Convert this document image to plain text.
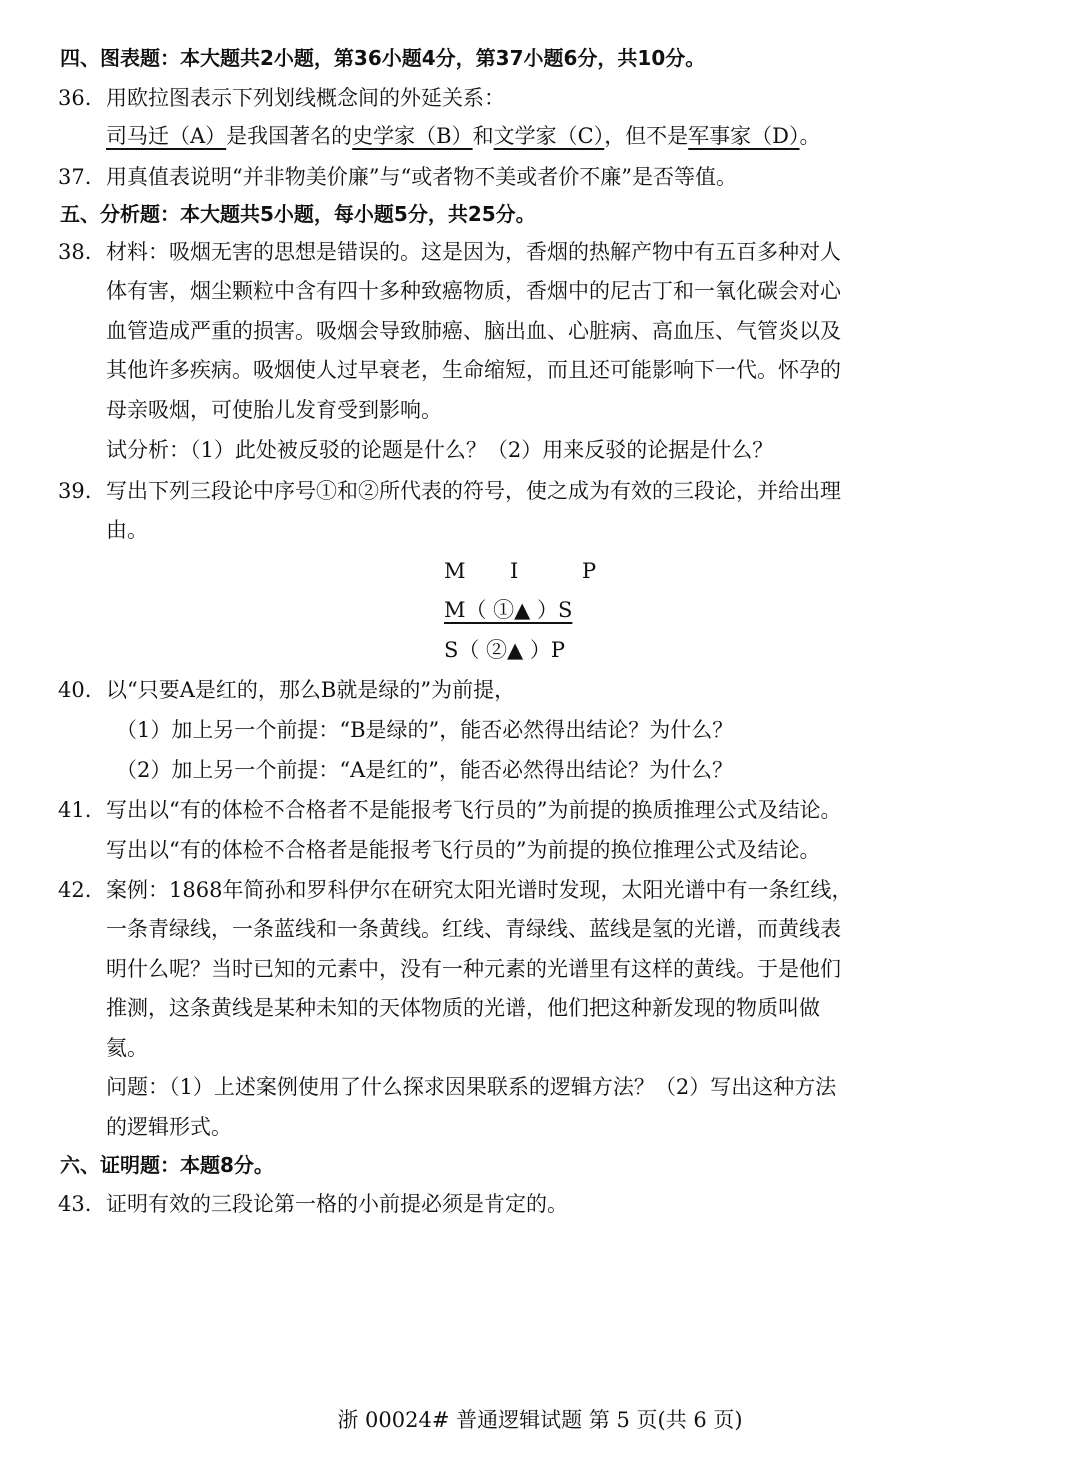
四、图表题：本大题共2小题，第36小题4分，第37小题6分，共10分。
36. 用欧拉图表示下列划线概念间的外延关系：
司马迁（A）是我国著名的史学家（B）和文学家（C），但不是军事家（D）。
37. 用真值表说明“并非物美价廉”与“或者物不美或者价不廉”是否等值。
五、分析题：本大题共5小题，每小题5分，共25分。
38. 材料：吸烟无害的思想是错误的。这是因为，香烟的热解产物中有五百多种对人
体有害，烟尘颗粒中含有四十多种致癌物质，香烟中的尼古丁和一氧化碳会对心
血管造成严重的损害。吸烟会导致肺癌、脑出血、心脏病、高血压、气管炎以及
其他许多疾病。吸烟使人过早衰老，生命缩短，而且还可能影响下一代。怀孕的
母亲吸烟，可使胎儿发育受到影响。
试分析：（1）此处被反驳的论题是什么？（2）用来反驳的论据是什么？
39. 写出下列三段论中序号①和②所代表的符号，使之成为有效的三段论，并给出理
由。
M I	P
M（ ①▲ ）S
S（ ②▲ ）P
40. 以“只要A是红的，那么B就是绿的”为前提，
（1）加上另一个前提：“B是绿的”，能否必然得出结论？为什么？
（2）加上另一个前提：“A是红的”，能否必然得出结论？为什么？
41. 写出以“有的体检不合格者不是能报考飞行员的”为前提的换质推理公式及结论。
写出以“有的体检不合格者是能报考飞行员的”为前提的换位推理公式及结论。
42. 案例：1868年简孙和罗科伊尔在研究太阳光谱时发现，太阳光谱中有一条红线，
一条青绿线，一条蓝线和一条黄线。红线、青绿线、蓝线是氢的光谱，而黄线表
明什么呢？当时已知的元素中，没有一种元素的光谱里有这样的黄线。于是他们
推测，这条黄线是某种未知的天体物质的光谱，他们把这种新发现的物质叫做
氦。
问题：（1）上述案例使用了什么探求因果联系的逻辑方法？（2）写出这种方法
的逻辑形式。
六、证明题：本题8分。
43. 证明有效的三段论第一格的小前提必须是肯定的。
浙 00024# 普通逻辑试题 第 5 页(共 6 页)
